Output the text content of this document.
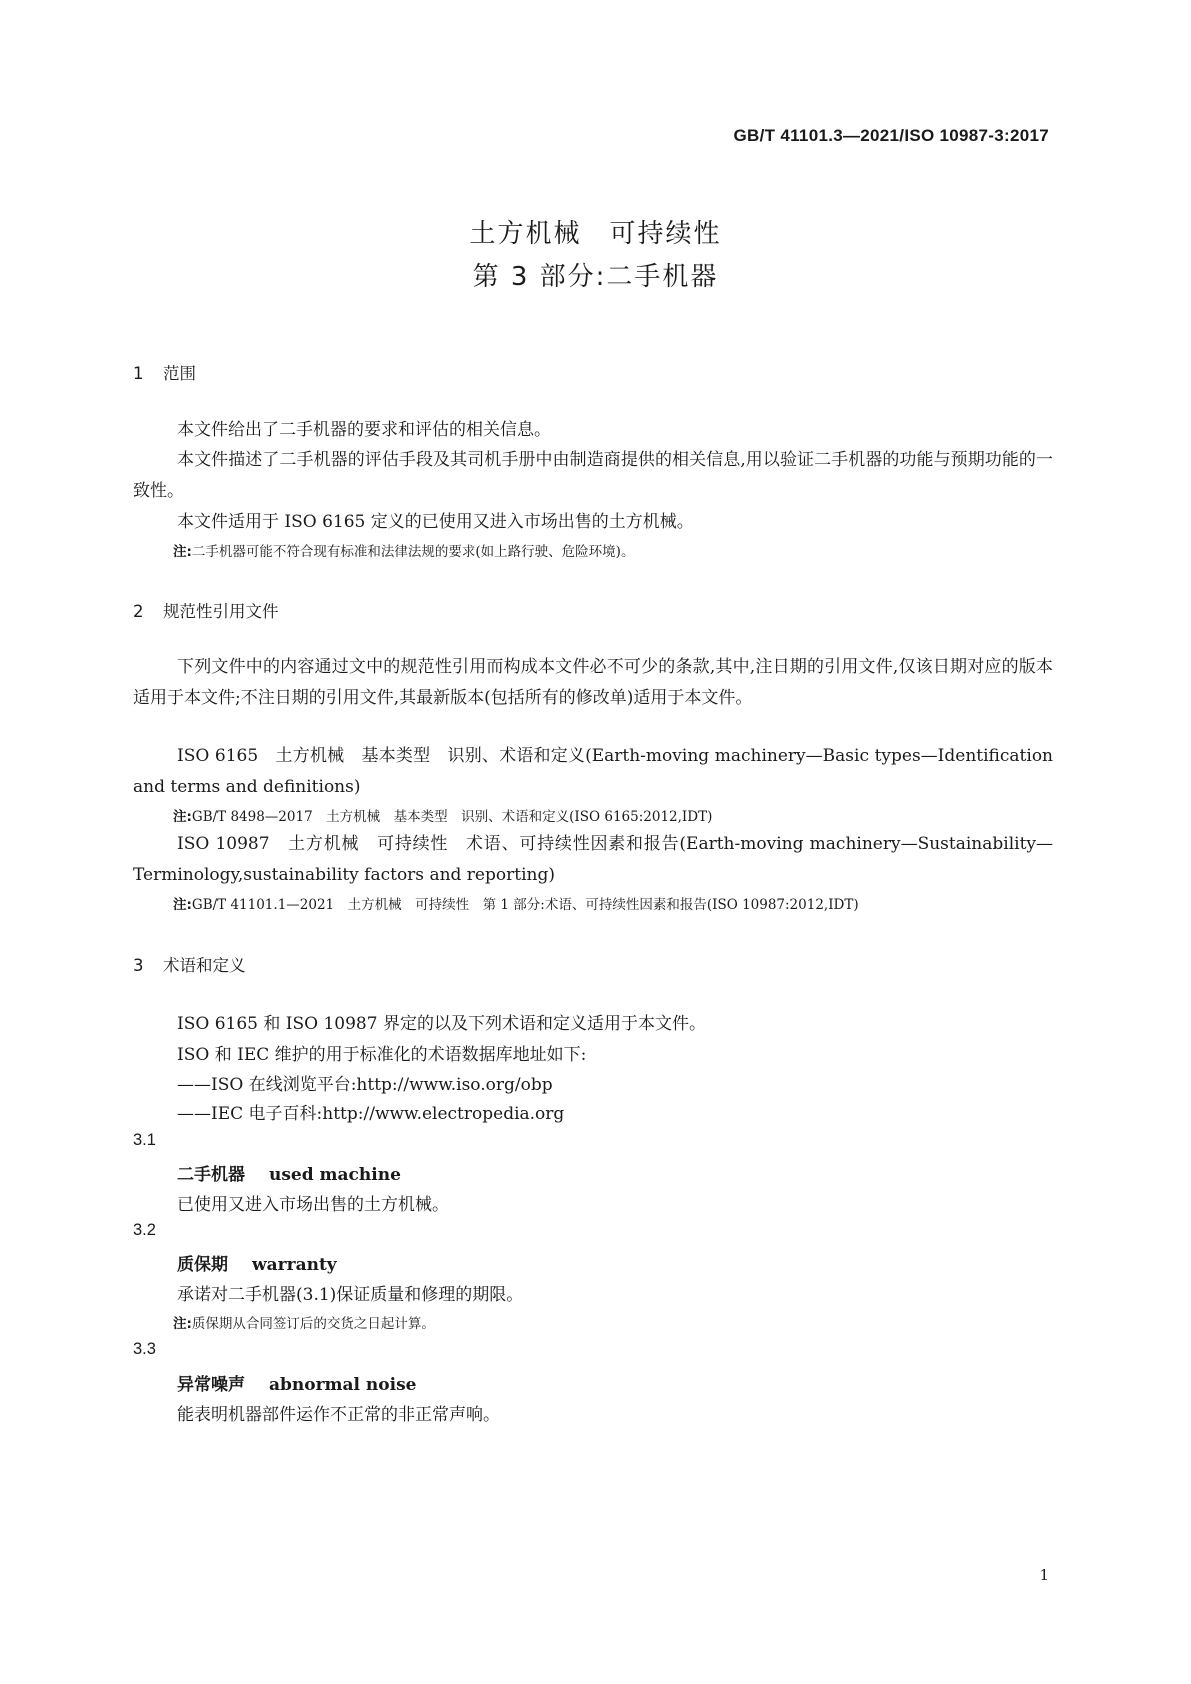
GB/T 41101.3—2021/ISO 10987-3:2017
土方机械　可持续性
第 3 部分:二手机器
1 范围
本文件给出了二手机器的要求和评估的相关信息。
本文件描述了二手机器的评估手段及其司机手册中由制造商提供的相关信息,用以验证二手机器的功能与预期功能的一致性。
本文件适用于 ISO 6165 定义的已使用又进入市场出售的土方机械。
注:二手机器可能不符合现有标准和法律法规的要求(如上路行驶、危险环境)。
2 规范性引用文件
下列文件中的内容通过文中的规范性引用而构成本文件必不可少的条款,其中,注日期的引用文件,仅该日期对应的版本适用于本文件;不注日期的引用文件,其最新版本(包括所有的修改单)适用于本文件。
ISO 6165　土方机械　基本类型　识别、术语和定义(Earth-moving machinery—Basic types—Identification and terms and definitions)
注:GB/T 8498—2017　土方机械　基本类型　识别、术语和定义(ISO 6165:2012,IDT)
ISO 10987　土方机械　可持续性　术语、可持续性因素和报告(Earth-moving machinery—Sustainability—Terminology,sustainability factors and reporting)
注:GB/T 41101.1—2021　土方机械　可持续性　第 1 部分:术语、可持续性因素和报告(ISO 10987:2012,IDT)
3 术语和定义
ISO 6165 和 ISO 10987 界定的以及下列术语和定义适用于本文件。
ISO 和 IEC 维护的用于标准化的术语数据库地址如下:
——ISO 在线浏览平台:http://www.iso.org/obp
——IEC 电子百科:http://www.electropedia.org
3.1
二手机器 used machine
已使用又进入市场出售的土方机械。
3.2
质保期 warranty
承诺对二手机器(3.1)保证质量和修理的期限。
注:质保期从合同签订后的交货之日起计算。
3.3
异常噪声 abnormal noise
能表明机器部件运作不正常的非正常声响。
1
